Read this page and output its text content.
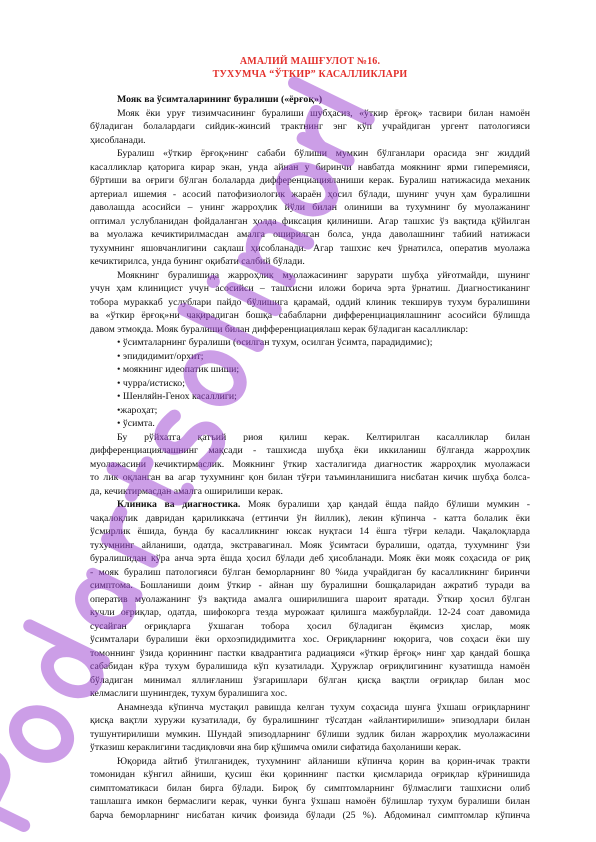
АМАЛИЙ МАШҒУЛОТ №16.
ТУХУМЧА “ЎТКИР” КАСАЛЛИКЛАРИ
Мояк ва ўсимталарининг буралиши («ёрғоқ»)
Мояк ёки уруғ тизимчасининг буралиши шубҳасиз, «ўткир ёрғоқ» тасвири билан намоён
бўладиган болалардаги сийдик-жинсий трактнинг энг кўп учрайдиган ургент патологияси
ҳисобланади.
Буралиш «ўткир ёрғоқ»нинг сабаби бўлиши мумкин бўлганлари орасида энг жиддий
касалликлар қаторига кирар экан, унда айнан у биринчи навбатда моякнинг ярми гиперемияси,
бўртиши ва оғриги бўлган болаларда дифференциацияланиши керак. Буралиш натижасида механик
артериал ишемия - асосий патофизиологик жараён ҳосил бўлади, шунинг учун ҳам буралишни
даволашда асосийси – унинг жарроҳлик йўли билан олиниши ва тухумнинг бу муолажанинг
оптимал услубланидан фойдаланган ҳолда фиксация қилиниши. Агар ташхис ўз вақтида қўйилган
ва муолажа кечиктирилмасдан амалга оширилган болса, унда даволашнинг табиий натижаси
тухумнинг яшовчанлигини сақлаш ҳисобланади. Агар ташхис кеч ўрнатилса, оператив муолажа
кечиктирилса, унда бунинг оқибати салбий бўлади.
Моякнинг буралишида жарроҳлик муолажасининг зарурати шубҳа уйғотмайди, шунинг
учун ҳам клиницист учун асосийси – ташхисни иложи борича эрта ўрнатиш. Диагностиканинг
тобора мураккаб услублари пайдо бўлишига қарамай, оддий клиник текширув тухум буралишини
ва «ўткир ёрғоқ»ни чақирадиган бошқа сабабларни дифференциациялашнинг асосийси бўлишда
давом этмоқда. Мояк буралиши билан дифференциациялаш керак бўладиган касалликлар:
• ўсимталарнинг буралиши (осилган тухум, осилган ўсимта, парадидимис);
• эпидидимит/орхит;
• моякнинг идеопатик шиши;
• чурра/истиско;
• Шенляйн-Генох касаллиги;
•жароҳат;
• ўсимта.
Бу рўйхатга қатъий риоя қилиш керак. Келтирилган касалликлар билан
дифференциациялашнинг мақсади - ташхисда шубҳа ёки иккиланиш бўлганда жарроҳлик
муолажасини кечиктирмаслик. Моякнинг ўткир хасталигида диагностик жарроҳлик муолажаси
то лик оқланган ва агар тухумнинг қон билан тўғри таъминланишига нисбатан кичик шубҳа болса-
да, кечиктирмасдан амалга оширилиши керак.
Клиника ва диагностика. Мояк буралиши ҳар қандай ёшда пайдо бўлиши мумкин -
чақалоқлик давридан қариликкача (еттинчи ўн йиллик), лекин кўпинча - катта болалик ёки
ўсмирлик ёшида, бунда бу касалликнинг юксак нуқтаси 14 ёшга тўғри келади. Чақалоқларда
тухумнинг айланиши, одатда, экстравагинал. Мояк ўсимтаси буралиши, одатда, тухумнинг ўзи
буралишидан кўра анча эрта ёшда ҳосил бўлади деб ҳисобланади. Мояк ёки мояк соҳасида оғ риқ
- мояк буралиш патологияси бўлган беморларнинг 80 %ида учрайдиган бу касалликнинг биринчи
симптома. Бошланиши доим ўткир - айнан шу буралишни бошқаларидан ажратиб туради ва
оператив муолажанинг ўз вақтида амалга оширилишига шароит яратади. Ўткир ҳосил бўлган
кучли оғриқлар, одатда, шифокорга тезда мурожаат қилишга мажбурлайди. 12-24 соат давомида
сусайган оғриқларга ўхшаган тобора ҳосил бўладиган ёқимсиз ҳислар, мояк
ўсимталари буралиши ёки орхоэпидидимитга хос. Оғриқларнинг юқорига, чов соҳаси ёки шу
томоннинг ўзида қориннинг пастки квадрантига радиацияси «ўткир ёрғоқ» нинг ҳар қандай бошқа
сабабидан кўра тухум буралишида кўп кузатилади. Ҳуружлар оғриқлигининг кузатишда намоён
бўладиган минимал яллиғланиш ўзгаришлари бўлган қисқа вақтли оғриқлар билан мос
келмаслиги шунингдек, тухум буралишига хос.
Анамнезда кўпинча мустақил равишда келган тухум соҳасида шунга ўхшаш оғриқларнинг
қисқа вақтли хуружи кузатилади, бу буралишнинг тўсатдан «айлантирилиши» эпизодлари билан
тушунтирилиши мумкин. Шундай эпизодларнинг бўлиши зудлик билан жарроҳлик муолажасини
ўтказиш кераклигини тасдиқловчи яна бир қўшимча омили сифатида баҳоланиши керак.
Юқорида айтиб ўтилганидек, тухумнинг айланиши кўпинча қорин ва қорин-ичак тракти
томонидан кўнгил айниши, қусиш ёки қориннинг пастки қисмларида оғриқлар кўринишида
симптоматикаси билан бирга бўлади. Бироқ бу симптомларнинг бўлмаслиги ташхисни олиб
ташлашга имкон бермаслиги керак, чунки бунга ўхшаш намоён бўлишлар тухум буралиши билан
барча беморларнинг нисбатан кичик фоизида бўлади (25 %). Абдоминал симптомлар кўпинча
